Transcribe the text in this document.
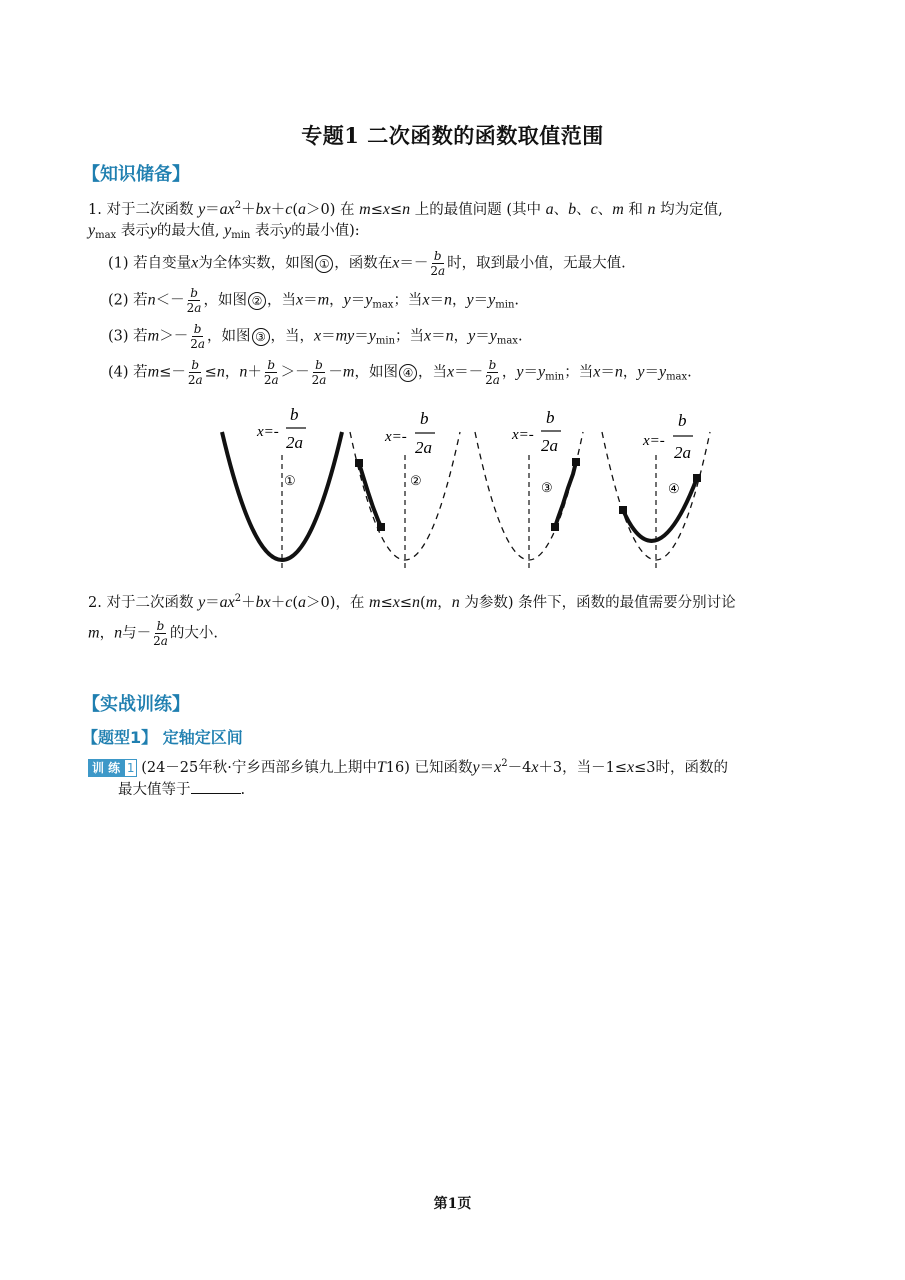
专题1 二次函数的函数取值范围
【知识储备】
1. 对于二次函数 $y=ax^2+bx+c(a>0)$ 在 m≤x≤n 上的最值问题 (其中 a、b、c、m 和 n 均为定值,
$y_{max}$ 表示y的最大值, $y_{min}$ 表示y的最小值):
(1) 若自变量x为全体实数，如图 ① ，函数在$x=- \frac{b}{2a}$ 时，取到最小值，无最大值.
(2) 若$n<- \frac{b}{2a}$ ，如图 ② ，当x＝m，$y=y_{max}$；当x＝n，$y=y_{min}$.
(3) 若$m>- \frac{b}{2a}$ ，如图 ③ ，当，$x=my=y_{min}$；当x＝n，$y=y_{max}$.
(4) 若$m\le- \frac{b}{2a} \le n$，$n+ \frac{b}{2a} >- \frac{b}{2a} -m$，如图 ④ ，当$x=- \frac{b}{2a}$ ，$y=y_{min}$；当x＝n，$y=y_{max}$.
x=-
b
2a
①
x=-
b
2a
②
x=-
b
2a
③
x=-
b
2a
④
2. 对于二次函数 $y=ax^2+bx+c(a>0)$，在 m≤x≤n(m，n 为参数) 条件下，函数的最值需要分别讨论
m，n与－ $\frac{b}{2a}$ 的大小.
【实战训练】
【题型1】 定轴定区间
训 练 1 (24－25年秋·宁乡西部乡镇九上期中T16) 已知函数$y=x^2-4x+3$，当－1≤x≤3时，函数的
最大值等于	.
第1页
